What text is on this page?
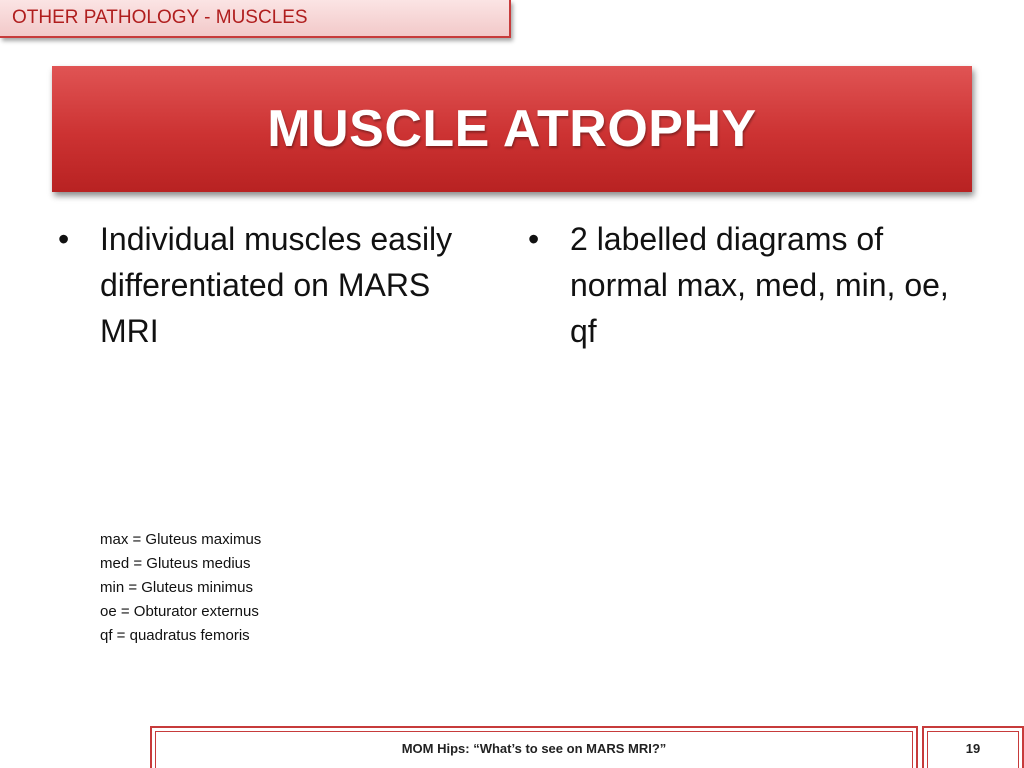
OTHER PATHOLOGY - MUSCLES
MUSCLE ATROPHY
• Individual muscles easily differentiated on MARS MRI
• 2 labelled diagrams of normal max, med, min, oe, qf
max = Gluteus maximus
med = Gluteus medius
min = Gluteus minimus
oe = Obturator externus
qf = quadratus femoris
MOM Hips: “What’s to see on MARS MRI?”	19
